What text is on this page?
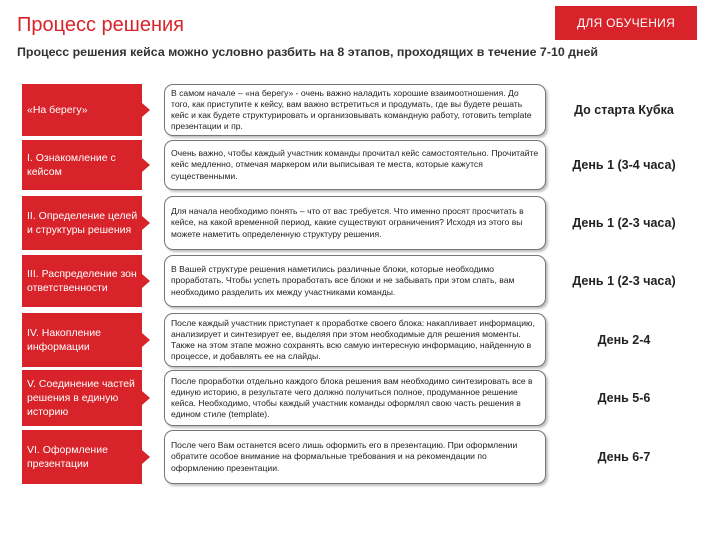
Процесс решения	ДЛЯ ОБУЧЕНИЯ
Процесс решения кейса можно условно разбить на 8 этапов, проходящих в течение 7-10 дней
«На берегу»
В самом начале – «на берегу» - очень важно наладить хорошие взаимоотношения. До того, как приступите к кейсу, вам важно встретиться и продумать, где вы будете решать кейс и как будете структурировать и организовывать командную работу, готовить template презентации и пр.
До старта Кубка
I. Ознакомление с кейсом
Очень важно, чтобы каждый участник команды прочитал кейс самостоятельно. Прочитайте кейс медленно, отмечая маркером или выписывая те места, которые кажутся существенными.
День 1 (3-4 часа)
II. Определение целей и структуры решения
Для начала необходимо понять – что от вас требуется. Что именно просят просчитать в кейсе, на какой временной период, какие существуют ограничения? Исходя из этого вы можете наметить определенную структуру решения.
День 1 (2-3 часа)
III. Распределение зон ответственности
В Вашей структуре решения наметились различные блоки, которые необходимо проработать. Чтобы успеть проработать все блоки и не забывать при этом спать, вам необходимо разделить их между участниками команды.
День 1 (2-3 часа)
IV. Накопление информации
После каждый участник приступает к проработке своего блока: накапливает информацию, анализирует и синтезирует ее, выделяя при этом необходимые для решения моменты. Также на этом этапе можно сохранять всю самую интересную информацию, найденную в процессе, и добавлять ее на слайды.
День 2-4
V. Соединение частей решения в единую историю
После проработки отдельно каждого блока решения вам необходимо синтезировать все в единую историю, в результате чего должно получиться полное, продуманное решение кейса. Необходимо, чтобы каждый участник команды оформлял свою часть решения в едином стиле (template).
День 5-6
VI. Оформление презентации
После чего Вам останется всего лишь оформить его в презентацию. При оформлении обратите особое внимание на формальные требования и на рекомендации по оформлению презентации.
День 6-7
